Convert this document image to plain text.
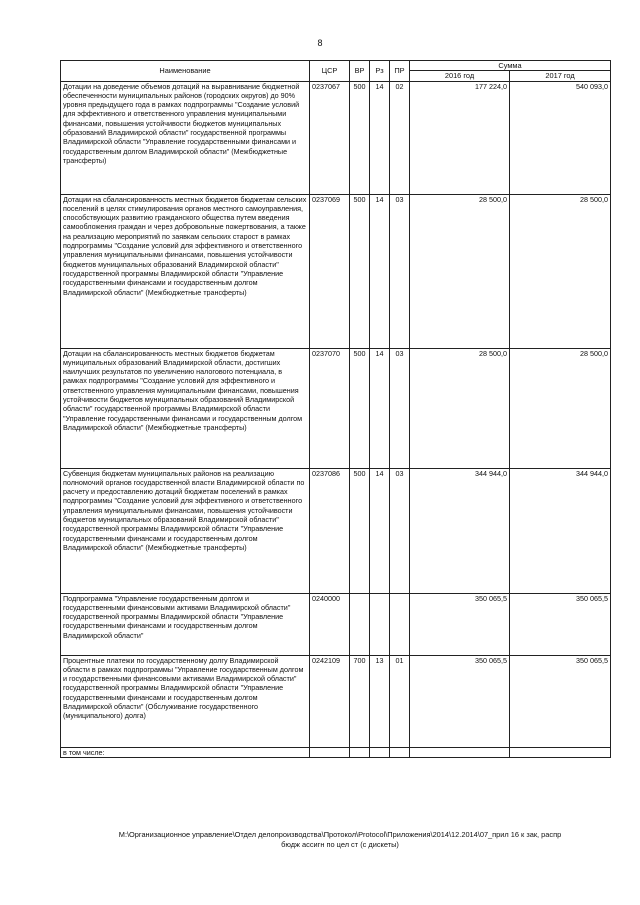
8
Наименование	ЦСР	ВР	Рз	ПР	Сумма	
					2016 год	2017 год
Дотации на доведение объемов дотаций на выравнивание бюджетной обеспеченности муниципальных районов (городских округов) до 90% уровня предыдущего года в рамках подпрограммы "Создание условий для эффективного и ответственного управления муниципальными финансами, повышения устойчивости бюджетов муниципальных образований Владимирской области" государственной программы Владимирской области "Управление государственными финансами и государственным долгом Владимирской области" (Межбюджетные трансферты)	0237067	500	14	02	177 224,0	540 093,0
Дотации на сбалансированность местных бюджетов бюджетам сельских поселений в целях стимулирования органов местного самоуправления, способствующих развитию гражданского общества путем введения самообложения граждан и через добровольные пожертвования, а также на реализацию мероприятий по заявкам сельских старост в рамках подпрограммы "Создание условий для эффективного и ответственного управления муниципальными финансами, повышения устойчивости бюджетов муниципальных образований Владимирской области" государственной программы Владимирской области "Управление государственными финансами и государственным долгом Владимирской области" (Межбюджетные трансферты)	0237069	500	14	03	28 500,0	28 500,0
Дотации на сбалансированность местных бюджетов бюджетам муниципальных образований Владимирской области, достигших наилучших результатов по увеличению налогового потенциала, в рамках подпрограммы "Создание условий для эффективного и ответственного управления муниципальными финансами, повышения устойчивости бюджетов муниципальных образований Владимирской области" государственной программы Владимирской области "Управление государственными финансами и государственным долгом Владимирской области" (Межбюджетные трансферты)	0237070	500	14	03	28 500,0	28 500,0
Субвенция бюджетам муниципальных районов на реализацию полномочий органов государственной власти Владимирской области по расчету и предоставлению дотаций бюджетам поселений в рамках подпрограммы "Создание условий для эффективного и ответственного управления муниципальными финансами, повышения устойчивости бюджетов муниципальных образований Владимирской области" государственной программы Владимирской области "Управление государственными финансами и государственным долгом Владимирской области" (Межбюджетные трансферты)	0237086	500	14	03	344 944,0	344 944,0
Подпрограмма "Управление государственным долгом и государственными финансовыми активами Владимирской области" государственной программы Владимирской области "Управление государственными финансами и государственным долгом Владимирской области"	0240000				350 065,5	350 065,5
Процентные платежи по государственному долгу Владимирской области в рамках подпрограммы "Управление государственным долгом и государственными финансовыми активами Владимирской области" государственной программы Владимирской области "Управление государственными финансами и государственным долгом Владимирской области" (Обслуживание государственного (муниципального) долга)	0242109	700	13	01	350 065,5	350 065,5
в том числе:						
М:\Организационное управление\Отдел делопроизводства\Протокол\Protocol\Приложения\2014\12.2014\07_прил 16 к зак, распр
бюдж ассигн по цел ст (с дискеты)
